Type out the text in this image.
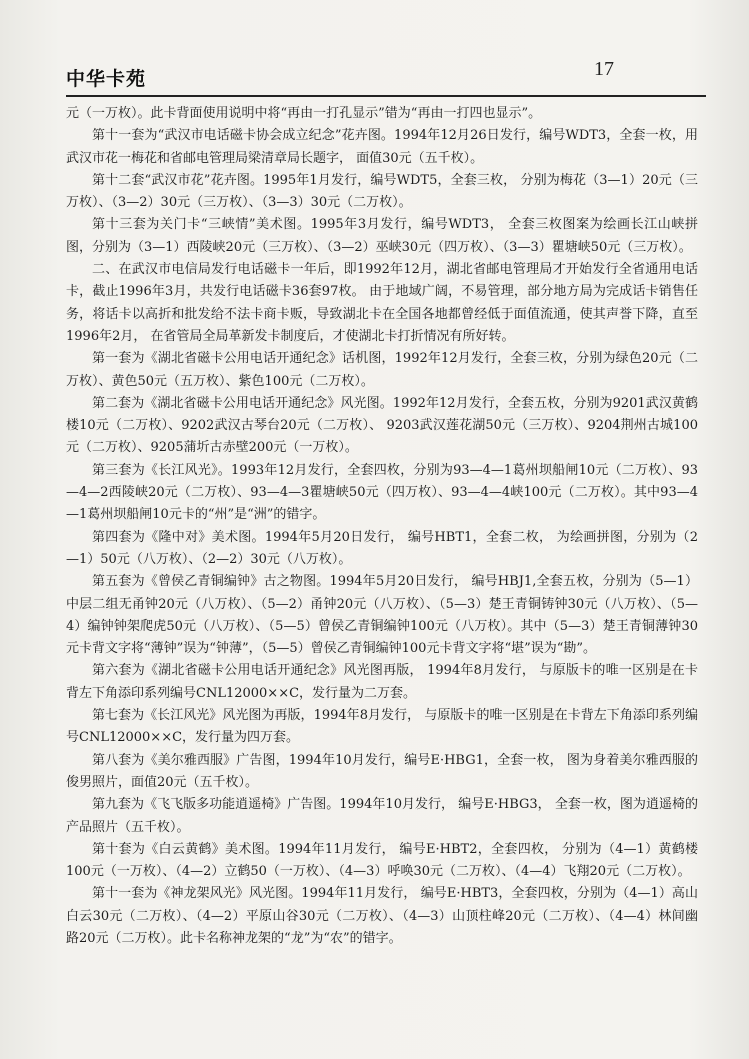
中华卡苑	17

元（一万枚）。此卡背面使用说明中将“再由一打孔显示”错为“再由一打四也显示”。

第十一套为“武汉市电话磁卡协会成立纪念”花卉图。1994年12月26日发行，编号WDT3，全套一枚，用武汉市花一梅花和省邮电管理局梁清章局长题字， 面值30元（五千枚）。

第十二套“武汉市花”花卉图。1995年1月发行，编号WDT5，全套三枚， 分别为梅花（3—1）20元（三万枚）、（3—2）30元（三万枚）、（3—3）30元（二万枚）。

第十三套为关门卡“三峡情”美术图。1995年3月发行，编号WDT3， 全套三枚图案为绘画长江山峡拼图，分别为（3—1）西陵峡20元（三万枚）、（3—2）巫峡30元（四万枚）、（3—3）瞿塘峡50元（三万枚）。

二、在武汉市电信局发行电话磁卡一年后，即1992年12月，湖北省邮电管理局才开始发行全省通用电话卡，截止1996年3月，共发行电话磁卡36套97枚。 由于地域广阔，不易管理，部分地方局为完成话卡销售任务，将话卡以高折和批发给不法卡商卡贩，导致湖北卡在全国各地都曾经低于面值流通，使其声誉下降，直至1996年2月， 在省管局全局革新发卡制度后，才使湖北卡打折情况有所好转。

第一套为《湖北省磁卡公用电话开通纪念》话机图，1992年12月发行，全套三枚，分别为绿色20元（二万枚）、黄色50元（五万枚）、紫色100元（二万枚）。

第二套为《湖北省磁卡公用电话开通纪念》风光图。1992年12月发行，全套五枚，分别为9201武汉黄鹤楼10元（二万枚）、9202武汉古琴台20元（二万枚）、 9203武汉莲花湖50元（三万枚）、9204荆州古城100元（二万枚）、9205蒲圻古赤壁200元（一万枚）。

第三套为《长江风光》。1993年12月发行，全套四枚，分别为93—4—1葛州坝船闸10元（二万枚）、93—4—2西陵峡20元（二万枚）、93—4—3瞿塘峡50元（四万枚）、93—4—4峡100元（二万枚）。其中93—4—1葛州坝船闸10元卡的“州”是“洲”的错字。

第四套为《隆中对》美术图。1994年5月20日发行， 编号HBT1，全套二枚， 为绘画拼图，分别为（2—1）50元（八万枚）、（2—2）30元（八万枚）。

第五套为《曾侯乙青铜编钟》古之物图。1994年5月20日发行， 编号HBJ1,全套五枚，分别为（5—1）中层二组无甬钟20元（八万枚）、（5—2）甬钟20元（八万枚）、（5—3）楚王青铜铸钟30元（八万枚）、（5—4）编钟钟架爬虎50元（八万枚）、（5—5）曾侯乙青铜编钟100元（八万枚）。其中（5—3）楚王青铜薄钟30元卡背文字将“薄钟”误为“钟薄”，（5—5）曾侯乙青铜编钟100元卡背文字将“堪”误为“勘”。

第六套为《湖北省磁卡公用电话开通纪念》风光图再版， 1994年8月发行， 与原版卡的唯一区别是在卡背左下角添印系列编号CNL12000××C，发行量为二万套。

第七套为《长江风光》风光图为再版，1994年8月发行， 与原版卡的唯一区别是在卡背左下角添印系列编号CNL12000××C，发行量为四万套。

第八套为《美尔雅西服》广告图，1994年10月发行，编号E·HBG1，全套一枚， 图为身着美尔雅西服的俊男照片，面值20元（五千枚）。

第九套为《飞飞版多功能逍遥椅》广告图。1994年10月发行， 编号E·HBG3， 全套一枚，图为逍遥椅的产品照片（五千枚）。

第十套为《白云黄鹤》美术图。1994年11月发行， 编号E·HBT2，全套四枚， 分别为（4—1）黄鹤楼100元（一万枚）、（4—2）立鹤50（一万枚）、（4—3）呼唤30元（二万枚）、（4—4）飞翔20元（二万枚）。

第十一套为《神龙架风光》风光图。1994年11月发行， 编号E·HBT3，全套四枚，分别为（4—1）高山白云30元（二万枚）、（4—2）平原山谷30元（二万枚）、（4—3）山顶柱峰20元（二万枚）、（4—4）林间幽路20元（二万枚）。此卡名称神龙架的“龙”为“农”的错字。
